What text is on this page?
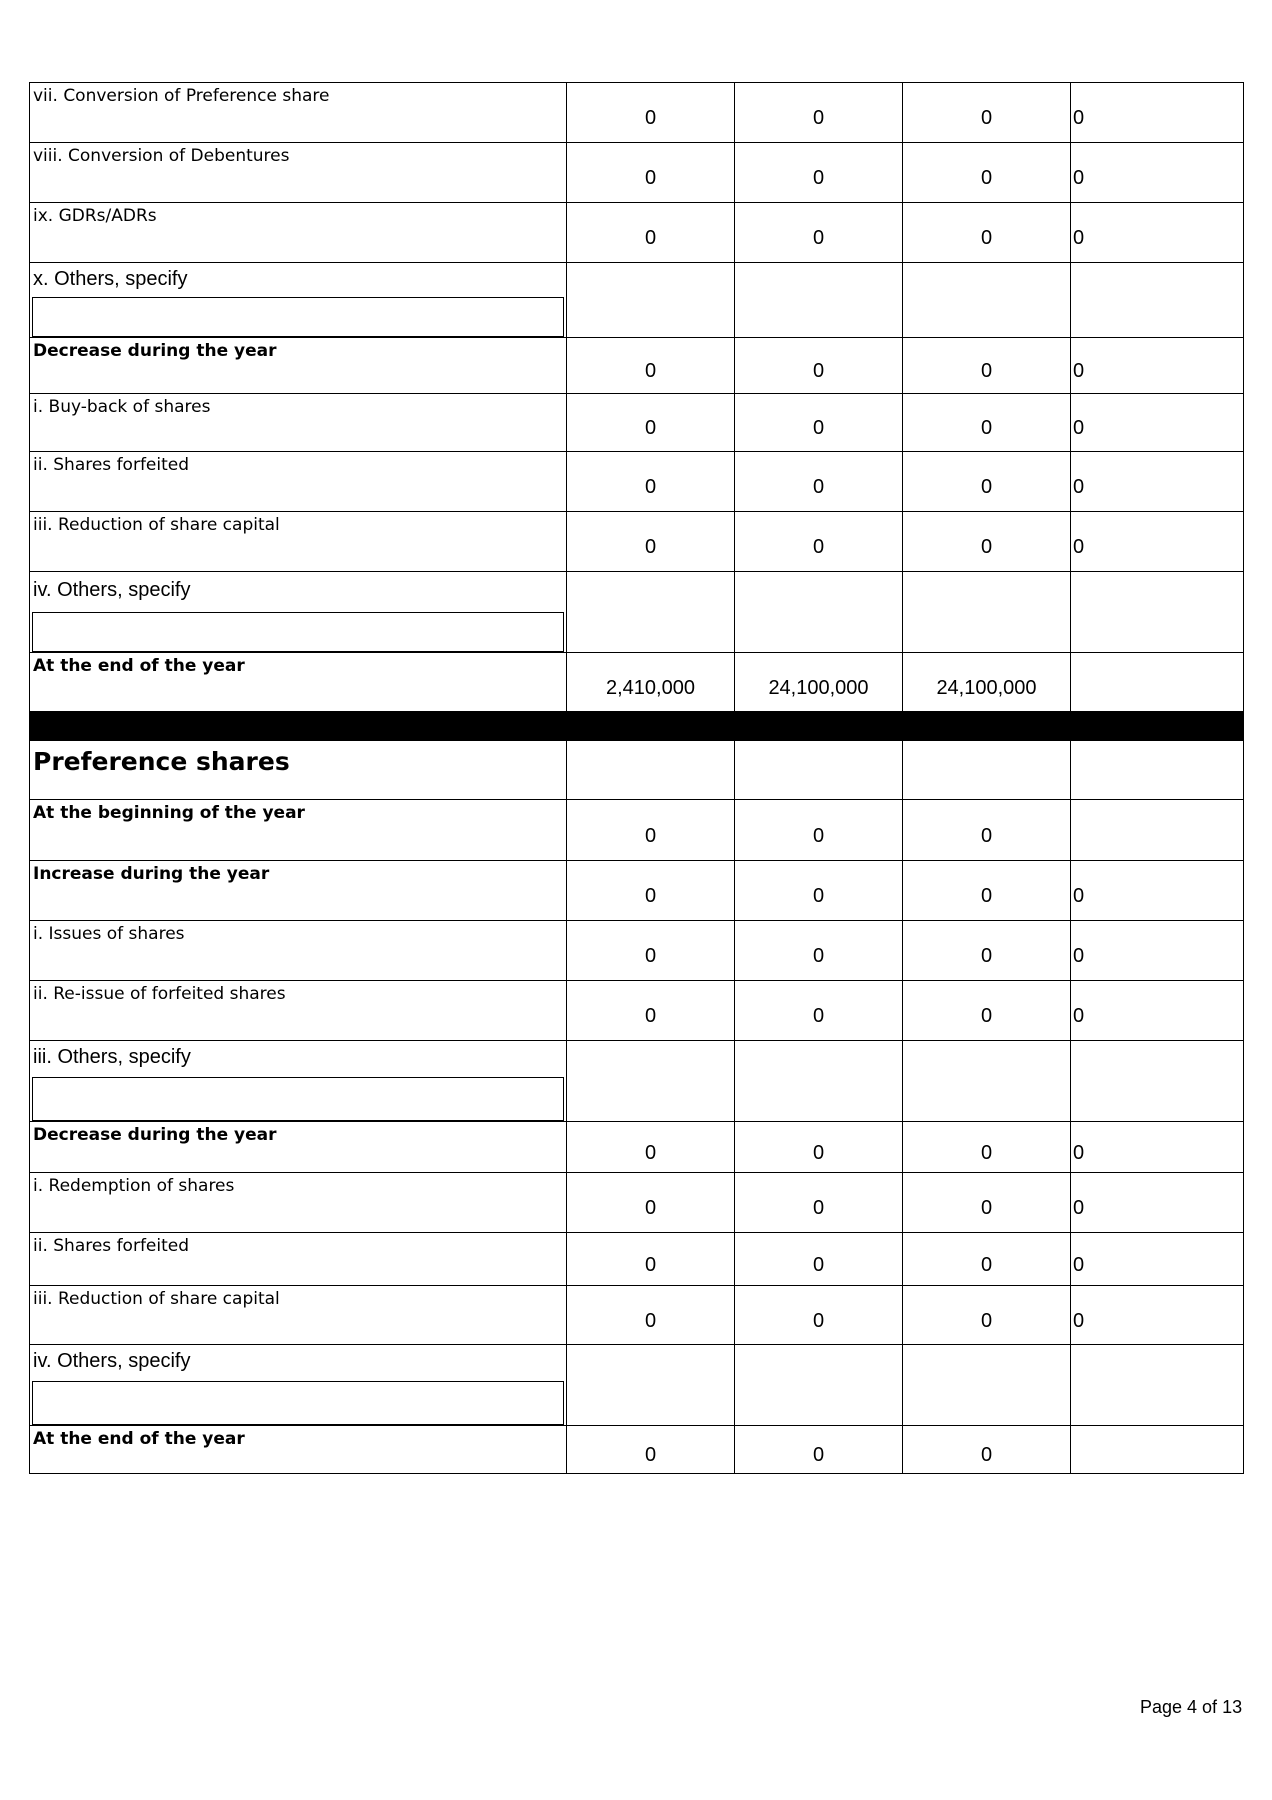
vii. Conversion of Preference share	0	0	0	0

viii. Conversion of Debentures	0	0	0	0

ix. GDRs/ADRs	0	0	0	0

x. Others, specify				

Decrease during the year	0	0	0	0

i. Buy-back of shares	0	0	0	0

ii. Shares forfeited	0	0	0	0

iii. Reduction of share capital	0	0	0	0

iv. Others, specify				

At the end of the year	2,410,000	24,100,000	24,100,000	

Preference shares				

At the beginning of the year	0	0	0	

Increase during the year	0	0	0	0

i. Issues of shares	0	0	0	0

ii. Re-issue of forfeited shares	0	0	0	0

iii. Others, specify				

Decrease during the year	0	0	0	0

i. Redemption of shares	0	0	0	0

ii. Shares forfeited	0	0	0	0

iii. Reduction of share capital	0	0	0	0

iv. Others, specify				

At the end of the year	0	0	0	
Page 4 of 13
